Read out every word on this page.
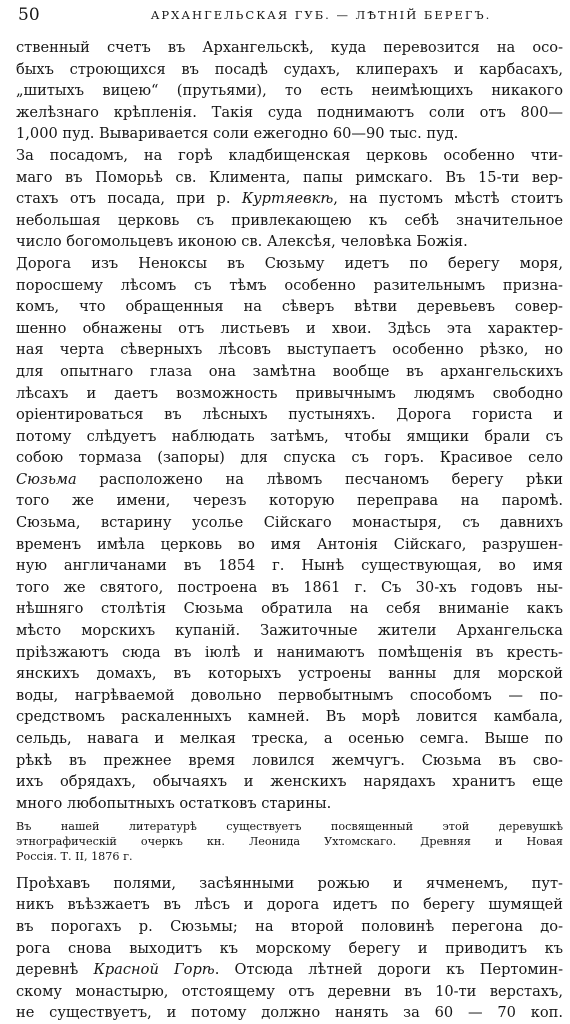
50	АРХАНГЕЛЬСКАЯ ГУБ. — ЛѢТНІЙ БЕРЕГЪ.
ственный счетъ въ Архангельскѣ, куда перевозится на осо-
быхъ строющихся въ посадѣ судахъ, клиперахъ и карбасахъ,
„шитыхъ вицею“ (прутьями), то есть неимѣющихъ никакого
желѣзнаго крѣпленія. Такія суда поднимаютъ соли отъ 800—
1,000 пуд. Вывариваетcя соли ежегодно 60—90 тыс. пуд.
За посадомъ, на горѣ кладбищенская церковь особенно чти-
маго въ Поморьѣ св. Климента, папы римскаго. Въ 15-ти вер-
стахъ отъ посада, при р. Куртяевкѣ, на пустомъ мѣстѣ стоитъ
небольшая церковь съ привлекающею къ себѣ значительное
число богомольцевъ иконою св. Алексѣя, человѣка Божія.
Дорога изъ Ненокcы въ Сюзьму идетъ по берегу моря,
поросшему лѣсомъ съ тѣмъ особенно разительнымъ призна-
комъ, что обращенныя на сѣверъ вѣтви деревьевъ совер-
шенно обнажены отъ листьевъ и хвои. Здѣсь эта характер-
ная черта сѣверныхъ лѣсовъ выступаетъ особенно рѣзко, но
для опытнаго глаза она замѣтна вообще въ архангельскихъ
лѣсахъ и даетъ возможность привычнымъ людямъ свободно
оріентироваться въ лѣсныхъ пустыняхъ. Дорога гориста и
потому слѣдуетъ наблюдать затѣмъ, чтобы ямщики брали съ
собою тормаза (запоры) для спуска съ горъ. Красивое село
Сюзьма расположено на лѣвомъ песчаномъ берегу рѣки
того же имени, черезъ которую переправа на паромѣ.
Сюзьма, встарину усолье Сійскаго монастыря, съ давнихъ
временъ имѣла церковь во имя Антонія Сійскаго, разрушен-
ную англичанами въ 1854 г. Нынѣ существующая, во имя
того же святого, построена въ 1861 г. Съ 30-хъ годовъ ны-
нѣшняго столѣтія Сюзьма обратила на себя вниманіе какъ
мѣсто морскихъ купаній. Зажиточные жители Архангельска
пріѣзжаютъ сюда въ іюлѣ и нанимаютъ помѣщенія въ кресть-
янскихъ домахъ, въ которыхъ устроены ванны для морской
воды, нагрѣваемой довольно первобытнымъ способомъ — по-
средствомъ раскаленныхъ камней. Въ морѣ ловится камбала,
сельдь, навага и мелкая треска, а осенью семга. Выше по
рѣкѣ въ прежнее время ловился жемчугъ. Сюзьма въ сво-
ихъ обрядахъ, обычаяхъ и женскихъ нарядахъ хранитъ еще
много любопытныхъ остатковъ старины.
Въ нашей литературѣ существуетъ посвященный этой деревушкѣ
этнографическій очеркъ кн. Леонида Ухтомскаго. Древняя и Новая
Россія. Т. II, 1876 г.
Проѣхавъ полями, засѣянными рожью и ячменемъ, пут-
никъ въѣзжаетъ въ лѣсъ и дорога идетъ по берегу шумящей
въ порогахъ р. Сюзьмы; на второй половинѣ перегона до-
рога снова выходитъ къ морскому берегу и приводитъ къ
деревнѣ Красной Горѣ. Отсюда лѣтней дороги къ Пертомин-
скому монастырю, отстоящему отъ деревни въ 10-ти верстахъ,
не существуетъ, и потому должно нанять за 60 — 70 коп.
